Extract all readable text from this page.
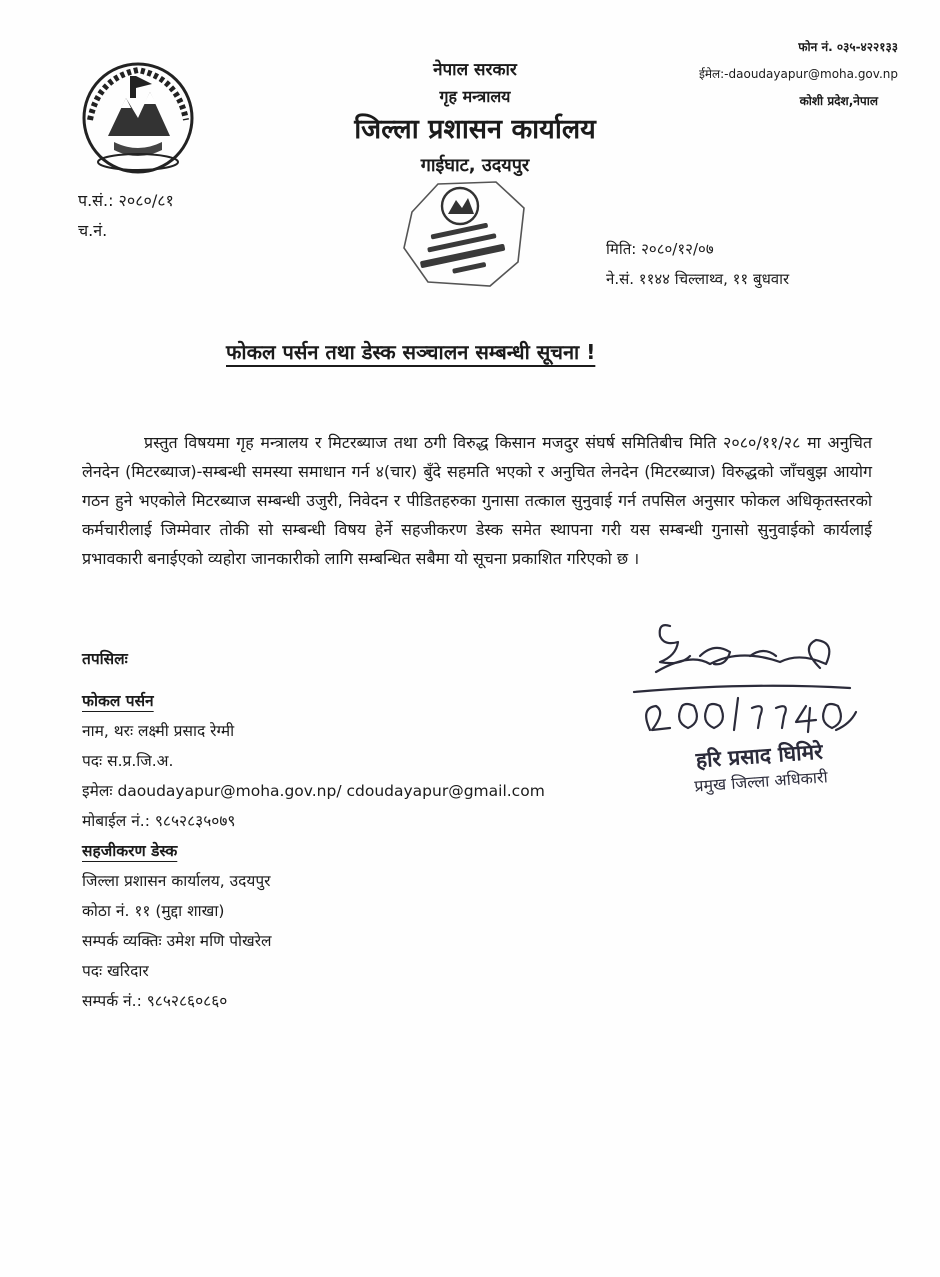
नेपाल सरकार
गृह मन्त्रालय
जिल्ला प्रशासन कार्यालय
गाईघाट, उदयपुर
फोन नं. ०३५-४२२१३३
ईमेल:-daoudayapur@moha.gov.np
कोशी प्रदेश,नेपाल
प.सं.: २०८०/८१
च.नं.
मिति: २०८०/१२/०७
ने.सं. ११४४ चिल्लाथ्व, ११ बुधवार
फोकल पर्सन तथा डेस्क सञ्चालन सम्बन्धी सूचना !
प्रस्तुत विषयमा गृह मन्त्रालय र मिटरब्याज तथा ठगी विरुद्ध किसान मजदुर संघर्ष समितिबीच मिति २०८०/११/२८ मा अनुचित लेनदेन (मिटरब्याज)-सम्बन्धी समस्या समाधान गर्न ४(चार) बुँदे सहमति भएको र अनुचित लेनदेन (मिटरब्याज) विरुद्धको जाँचबुझ आयोग गठन हुने भएकोले मिटरब्याज सम्बन्धी उजुरी, निवेदन र पीडितहरुका गुनासा तत्काल सुनुवाई गर्न तपसिल अनुसार फोकल अधिकृतस्तरको कर्मचारीलाई जिम्मेवार तोकी सो सम्बन्धी विषय हेर्ने सहजीकरण डेस्क समेत स्थापना गरी यस सम्बन्धी गुनासो सुनुवाईको कार्यलाई प्रभावकारी बनाईएको व्यहोरा जानकारीको लागि सम्बन्धित सबैमा यो सूचना प्रकाशित गरिएको छ ।
तपसिलः
फोकल पर्सन
नाम, थरः लक्ष्मी प्रसाद रेग्मी
पदः स.प्र.जि.अ.
इमेलः daoudayapur@moha.gov.np/ cdoudayapur@gmail.com
मोबाईल नं.: ९८५२८३५०७९
सहजीकरण डेस्क
जिल्ला प्रशासन कार्यालय, उदयपुर
कोठा नं. ११ (मुद्दा शाखा)
सम्पर्क व्यक्तिः उमेश मणि पोखरेल
पदः खरिदार
सम्पर्क नं.: ९८५२८६०८६०
हरि प्रसाद घिमिरे
प्रमुख जिल्ला अधिकारी
